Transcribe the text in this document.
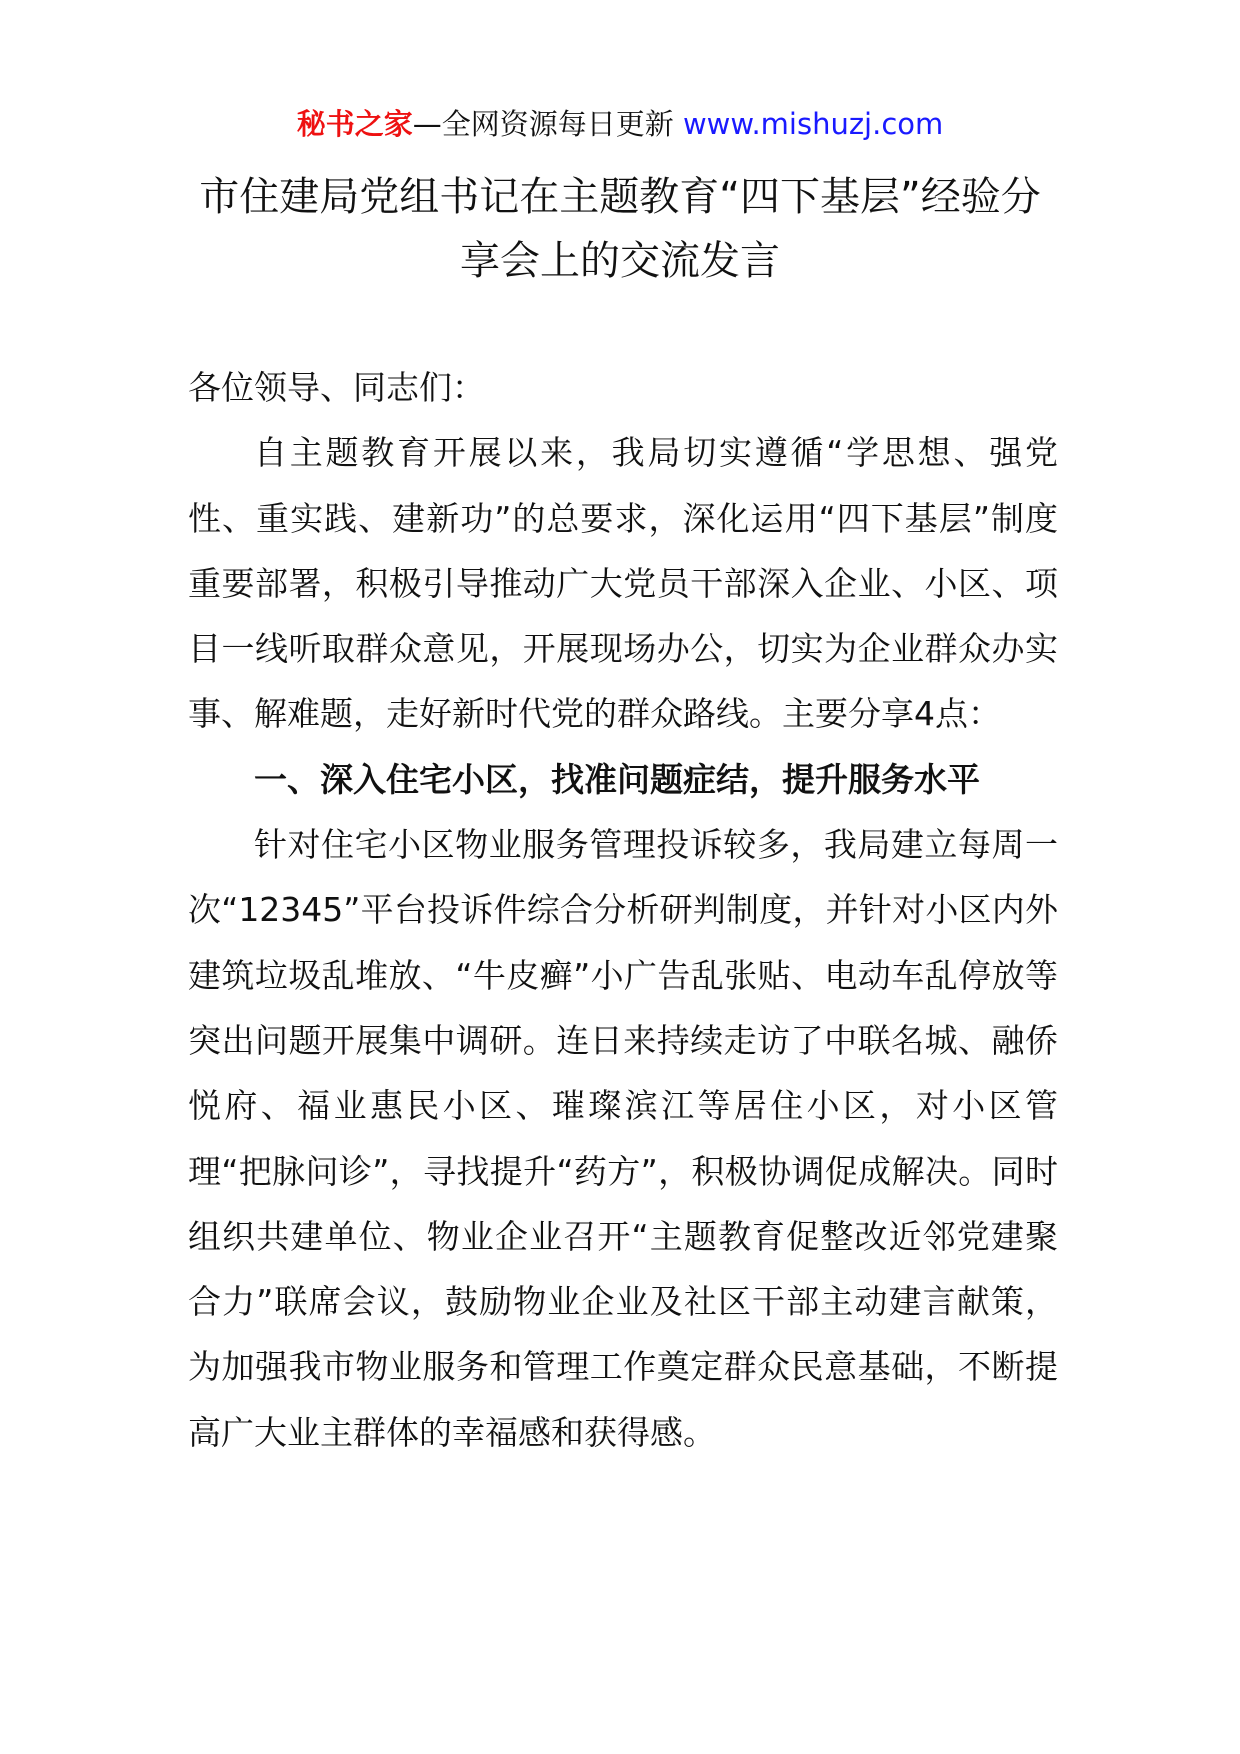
秘书之家—全网资源每日更新 www.mishuzj.com
市住建局党组书记在主题教育“四下基层”经验分享会上的交流发言

各位领导、同志们：

自主题教育开展以来，我局切实遵循“学思想、强党性、重实践、建新功”的总要求，深化运用“四下基层”制度重要部署，积极引导推动广大党员干部深入企业、小区、项目一线听取群众意见，开展现场办公，切实为企业群众办实事、解难题，走好新时代党的群众路线。主要分享4点：

一、深入住宅小区，找准问题症结，提升服务水平

针对住宅小区物业服务管理投诉较多，我局建立每周一次“12345”平台投诉件综合分析研判制度，并针对小区内外建筑垃圾乱堆放、“牛皮癣”小广告乱张贴、电动车乱停放等突出问题开展集中调研。连日来持续走访了中联名城、融侨悦府、福业惠民小区、璀璨滨江等居住小区，对小区管理“把脉问诊”，寻找提升“药方”，积极协调促成解决。同时组织共建单位、物业企业召开“主题教育促整改近邻党建聚合力”联席会议，鼓励物业企业及社区干部主动建言献策，为加强我市物业服务和管理工作奠定群众民意基础，不断提高广大业主群体的幸福感和获得感。
